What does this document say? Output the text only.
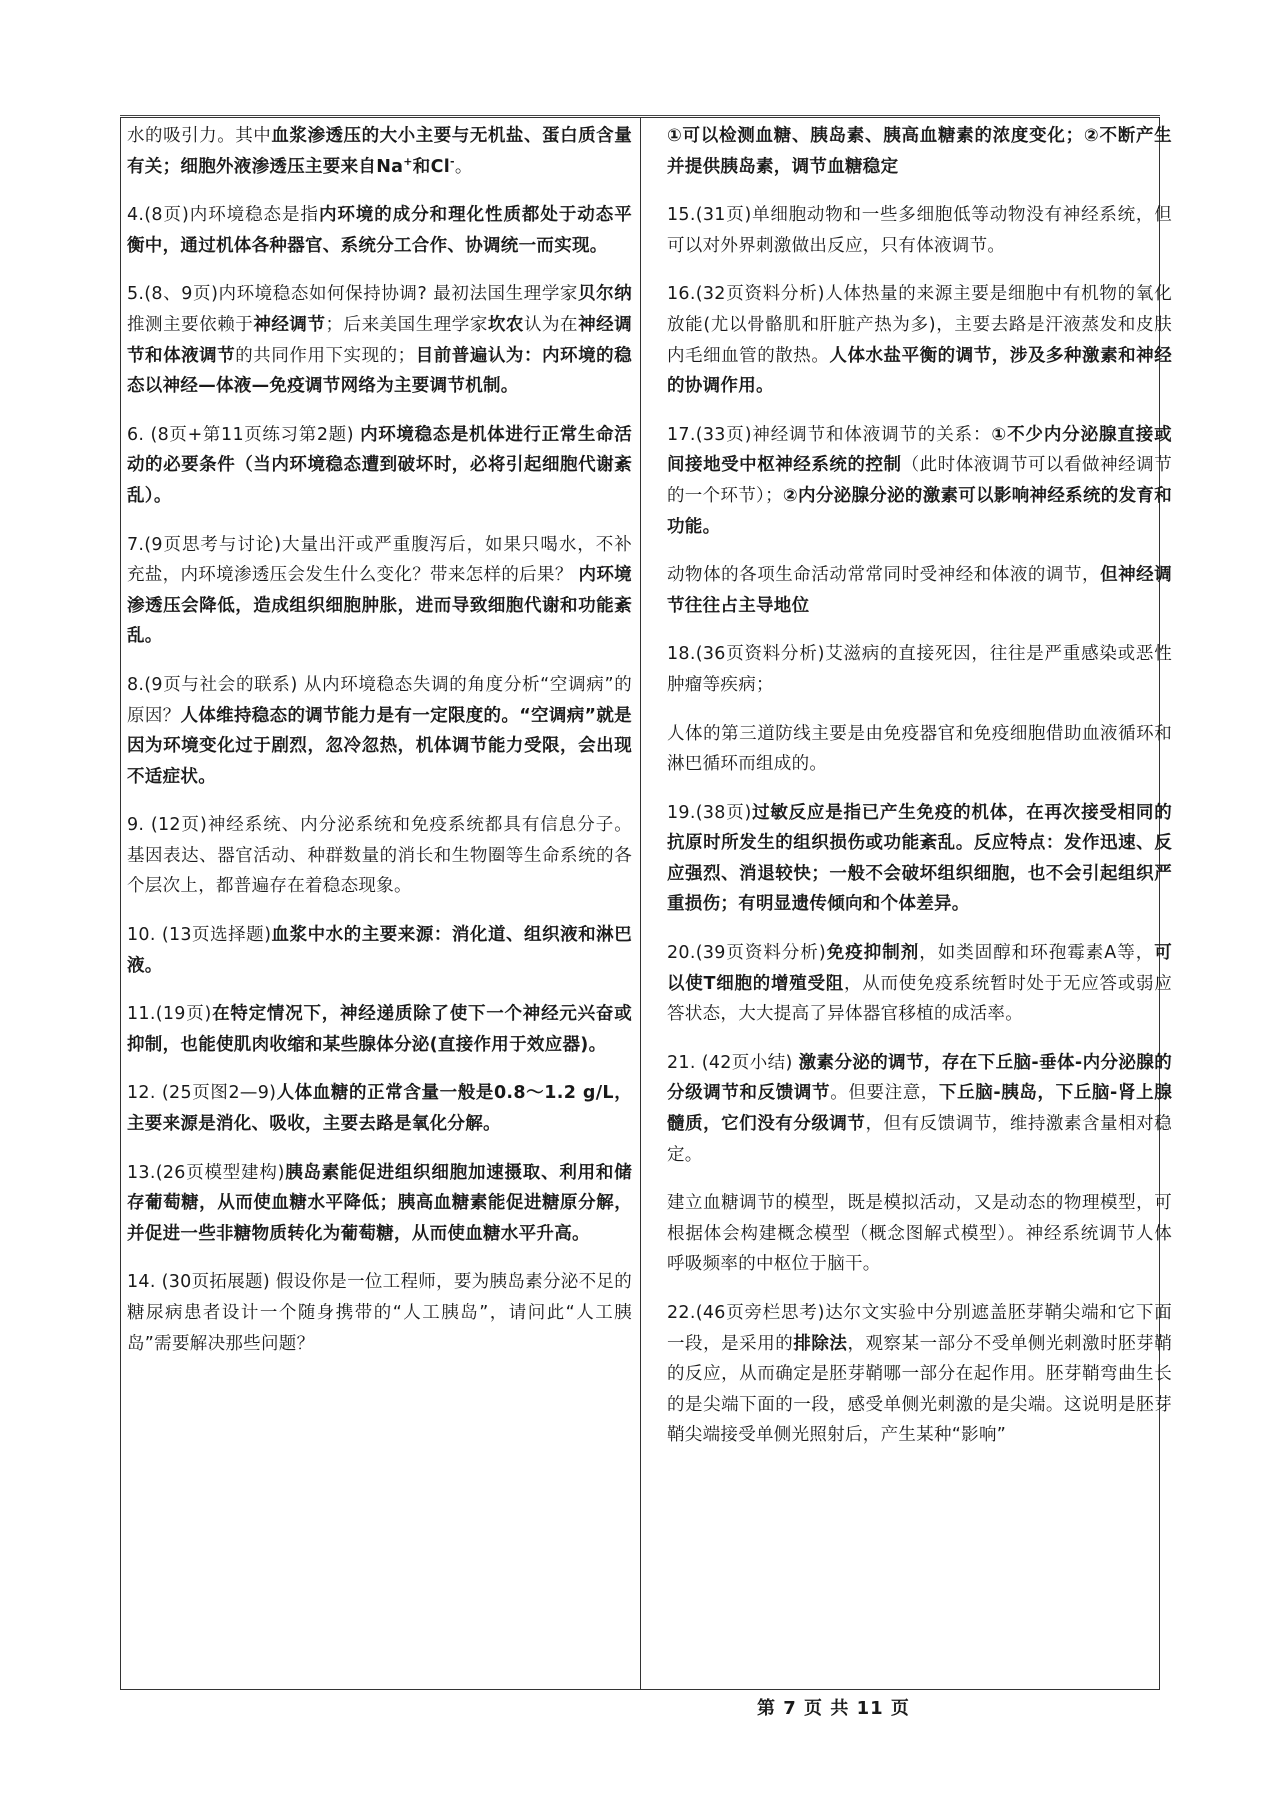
水的吸引力。其中血浆渗透压的大小主要与无机盐、蛋白质含量有关；细胞外液渗透压主要来自Na+和Cl-。

4.(8页)内环境稳态是指内环境的成分和理化性质都处于动态平衡中，通过机体各种器官、系统分工合作、协调统一而实现。

5.(8、9页)内环境稳态如何保持协调? 最初法国生理学家贝尔纳推测主要依赖于神经调节；后来美国生理学家坎农认为在神经调节和体液调节的共同作用下实现的；目前普遍认为：内环境的稳态以神经—体液—免疫调节网络为主要调节机制。

6. (8页+第11页练习第2题) 内环境稳态是机体进行正常生命活动的必要条件（当内环境稳态遭到破坏时，必将引起细胞代谢紊乱）。

7.(9页思考与讨论)大量出汗或严重腹泻后，如果只喝水，不补充盐，内环境渗透压会发生什么变化？带来怎样的后果？ 内环境渗透压会降低，造成组织细胞肿胀，进而导致细胞代谢和功能紊乱。

8.(9页与社会的联系) 从内环境稳态失调的角度分析“空调病”的原因？人体维持稳态的调节能力是有一定限度的。“空调病”就是因为环境变化过于剧烈，忽冷忽热，机体调节能力受限，会出现不适症状。

9. (12页)神经系统、内分泌系统和免疫系统都具有信息分子。基因表达、器官活动、种群数量的消长和生物圈等生命系统的各个层次上，都普遍存在着稳态现象。

10. (13页选择题)血浆中水的主要来源：消化道、组织液和淋巴液。

11.(19页)在特定情况下，神经递质除了使下一个神经元兴奋或抑制，也能使肌肉收缩和某些腺体分泌(直接作用于效应器)。

12. (25页图2—9)人体血糖的正常含量一般是0.8～1.2 g/L，主要来源是消化、吸收，主要去路是氧化分解。

13.(26页模型建构)胰岛素能促进组织细胞加速摄取、利用和储存葡萄糖，从而使血糖水平降低；胰高血糖素能促进糖原分解，并促进一些非糖物质转化为葡萄糖，从而使血糖水平升高。

14. (30页拓展题) 假设你是一位工程师，要为胰岛素分泌不足的糖尿病患者设计一个随身携带的“人工胰岛”，请问此“人工胰岛”需要解决那些问题？

①可以检测血糖、胰岛素、胰高血糖素的浓度变化；②不断产生并提供胰岛素，调节血糖稳定

15.(31页)单细胞动物和一些多细胞低等动物没有神经系统，但可以对外界刺激做出反应，只有体液调节。

16.(32页资料分析)人体热量的来源主要是细胞中有机物的氧化放能(尤以骨骼肌和肝脏产热为多)，主要去路是汗液蒸发和皮肤内毛细血管的散热。人体水盐平衡的调节，涉及多种激素和神经的协调作用。

17.(33页)神经调节和体液调节的关系：①不少内分泌腺直接或间接地受中枢神经系统的控制（此时体液调节可以看做神经调节的一个环节）；②内分泌腺分泌的激素可以影响神经系统的发育和功能。

动物体的各项生命活动常常同时受神经和体液的调节，但神经调节往往占主导地位

18.(36页资料分析)艾滋病的直接死因，往往是严重感染或恶性肿瘤等疾病；

人体的第三道防线主要是由免疫器官和免疫细胞借助血液循环和淋巴循环而组成的。

19.(38页)过敏反应是指已产生免疫的机体，在再次接受相同的抗原时所发生的组织损伤或功能紊乱。反应特点：发作迅速、反应强烈、消退较快；一般不会破坏组织细胞，也不会引起组织严重损伤；有明显遗传倾向和个体差异。

20.(39页资料分析)免疫抑制剂，如类固醇和环孢霉素A等，可以使T细胞的增殖受阻，从而使免疫系统暂时处于无应答或弱应答状态，大大提高了异体器官移植的成活率。

21. (42页小结) 激素分泌的调节，存在下丘脑-垂体-内分泌腺的分级调节和反馈调节。但要注意，下丘脑-胰岛，下丘脑-肾上腺髓质，它们没有分级调节，但有反馈调节，维持激素含量相对稳定。

建立血糖调节的模型，既是模拟活动，又是动态的物理模型，可根据体会构建概念模型（概念图解式模型）。神经系统调节人体呼吸频率的中枢位于脑干。

22.(46页旁栏思考)达尔文实验中分别遮盖胚芽鞘尖端和它下面一段，是采用的排除法，观察某一部分不受单侧光刺激时胚芽鞘的反应，从而确定是胚芽鞘哪一部分在起作用。胚芽鞘弯曲生长的是尖端下面的一段，感受单侧光刺激的是尖端。这说明是胚芽鞘尖端接受单侧光照射后，产生某种“影响”

第 7 页 共 11 页
